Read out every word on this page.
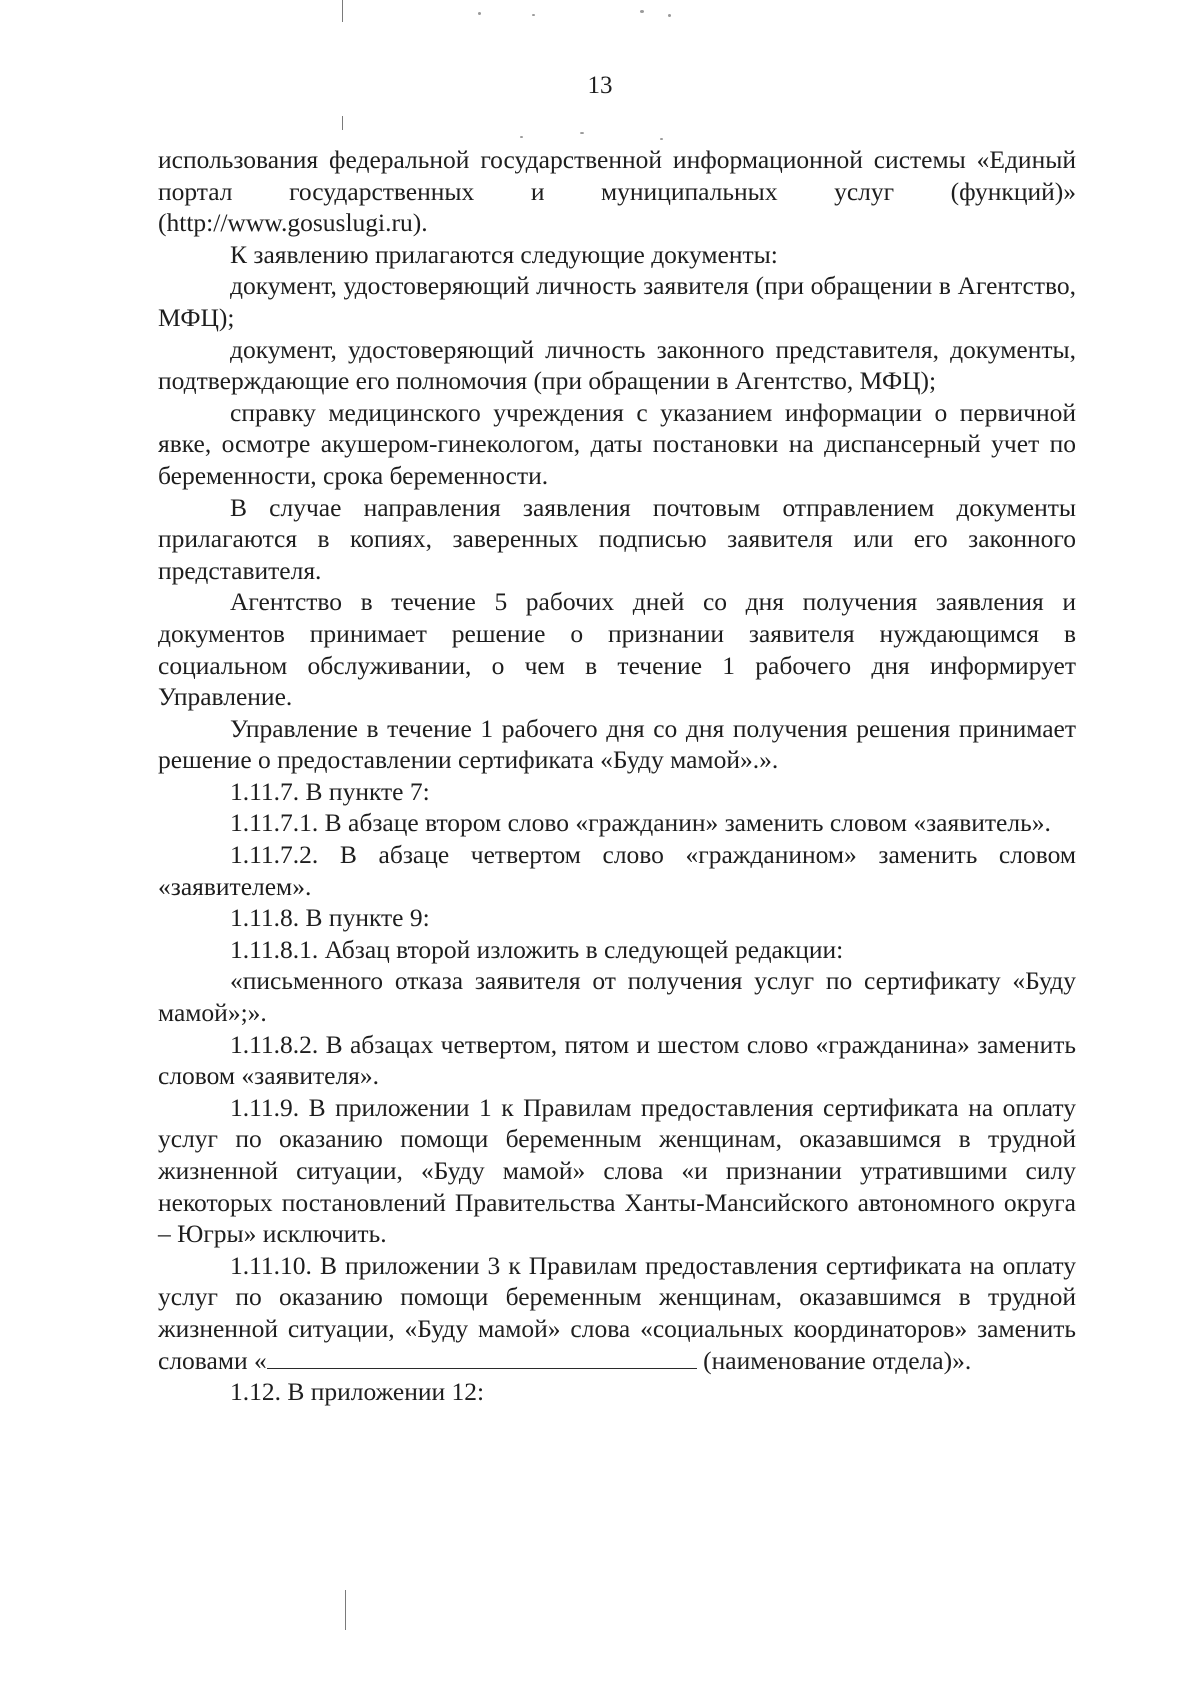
13

использования федеральной государственной информационной системы «Единый портал государственных и муниципальных услуг (функций)» (http://www.gosuslugi.ru).

К заявлению прилагаются следующие документы:

документ, удостоверяющий личность заявителя (при обращении в Агентство, МФЦ);

документ, удостоверяющий личность законного представителя, документы, подтверждающие его полномочия (при обращении в Агентство, МФЦ);

справку медицинского учреждения с указанием информации о первичной явке, осмотре акушером-гинекологом, даты постановки на диспансерный учет по беременности, срока беременности.

В случае направления заявления почтовым отправлением документы прилагаются в копиях, заверенных подписью заявителя или его законного представителя.

Агентство в течение 5 рабочих дней со дня получения заявления и документов принимает решение о признании заявителя нуждающимся в социальном обслуживании, о чем в течение 1 рабочего дня информирует Управление.

Управление в течение 1 рабочего дня со дня получения решения принимает решение о предоставлении сертификата «Буду мамой».».

1.11.7. В пункте 7:

1.11.7.1. В абзаце втором слово «гражданин» заменить словом «заявитель».

1.11.7.2. В абзаце четвертом слово «гражданином» заменить словом «заявителем».

1.11.8. В пункте 9:

1.11.8.1. Абзац второй изложить в следующей редакции:

«письменного отказа заявителя от получения услуг по сертификату «Буду мамой»;».

1.11.8.2. В абзацах четвертом, пятом и шестом слово «гражданина» заменить словом «заявителя».

1.11.9. В приложении 1 к Правилам предоставления сертификата на оплату услуг по оказанию помощи беременным женщинам, оказавшимся в трудной жизненной ситуации, «Буду мамой» слова «и признании утратившими силу некоторых постановлений Правительства Ханты-Мансийского автономного округа – Югры» исключить.

1.11.10. В приложении 3 к Правилам предоставления сертификата на оплату услуг по оказанию помощи беременным женщинам, оказавшимся в трудной жизненной ситуации, «Буду мамой» слова «социальных координаторов» заменить словами «	(наименование отдела)».

1.12. В приложении 12:
